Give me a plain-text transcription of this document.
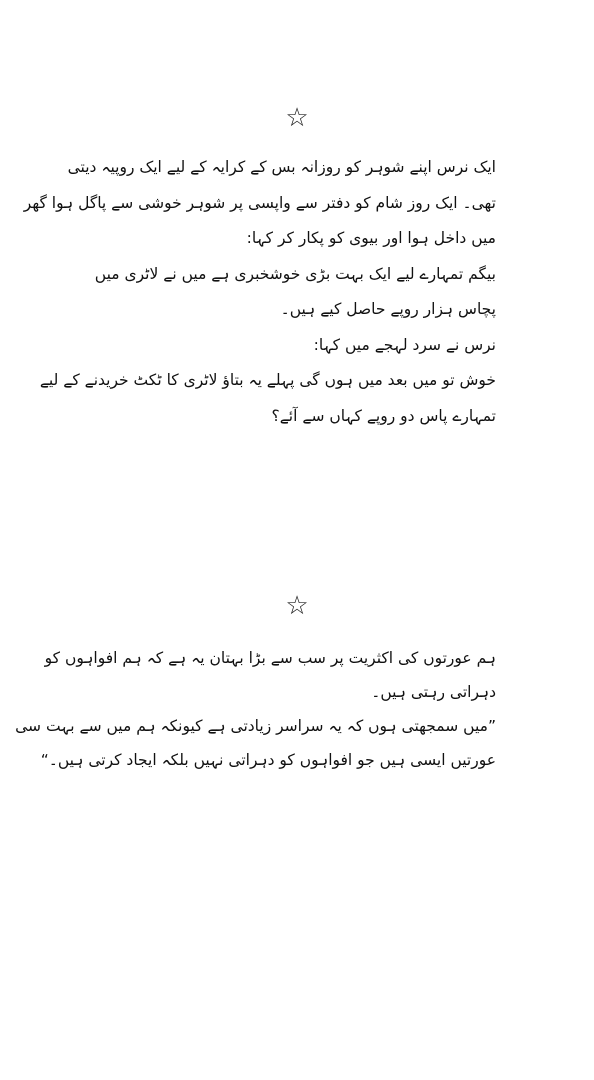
☆
ایک نرس اپنے شوہر کو روزانہ بس کے کرایہ کے لیے ایک روپیہ دیتی
تھی۔ ایک روز شام کو دفتر سے واپسی پر شوہر خوشی سے پاگل ہوا گھر
میں داخل ہوا اور بیوی کو پکار کر کہا:
بیگم تمہارے لیے ایک بہت بڑی خوشخبری ہے میں نے لاٹری میں
پچاس ہزار روپے حاصل کیے ہیں۔
نرس نے سرد لہجے میں کہا:
خوش تو میں بعد میں ہوں گی پہلے یہ بتاؤ لاٹری کا ٹکٹ خریدنے کے لیے
تمہارے پاس دو روپے کہاں سے آئے؟
☆
ہم عورتوں کی اکثریت پر سب سے بڑا بہتان یہ ہے کہ ہم افواہوں کو
دہراتی رہتی ہیں۔
”میں سمجھتی ہوں کہ یہ سراسر زیادتی ہے کیونکہ ہم میں سے بہت سی
عورتیں ایسی ہیں جو افواہوں کو دہراتی نہیں بلکہ ایجاد کرتی ہیں۔“
